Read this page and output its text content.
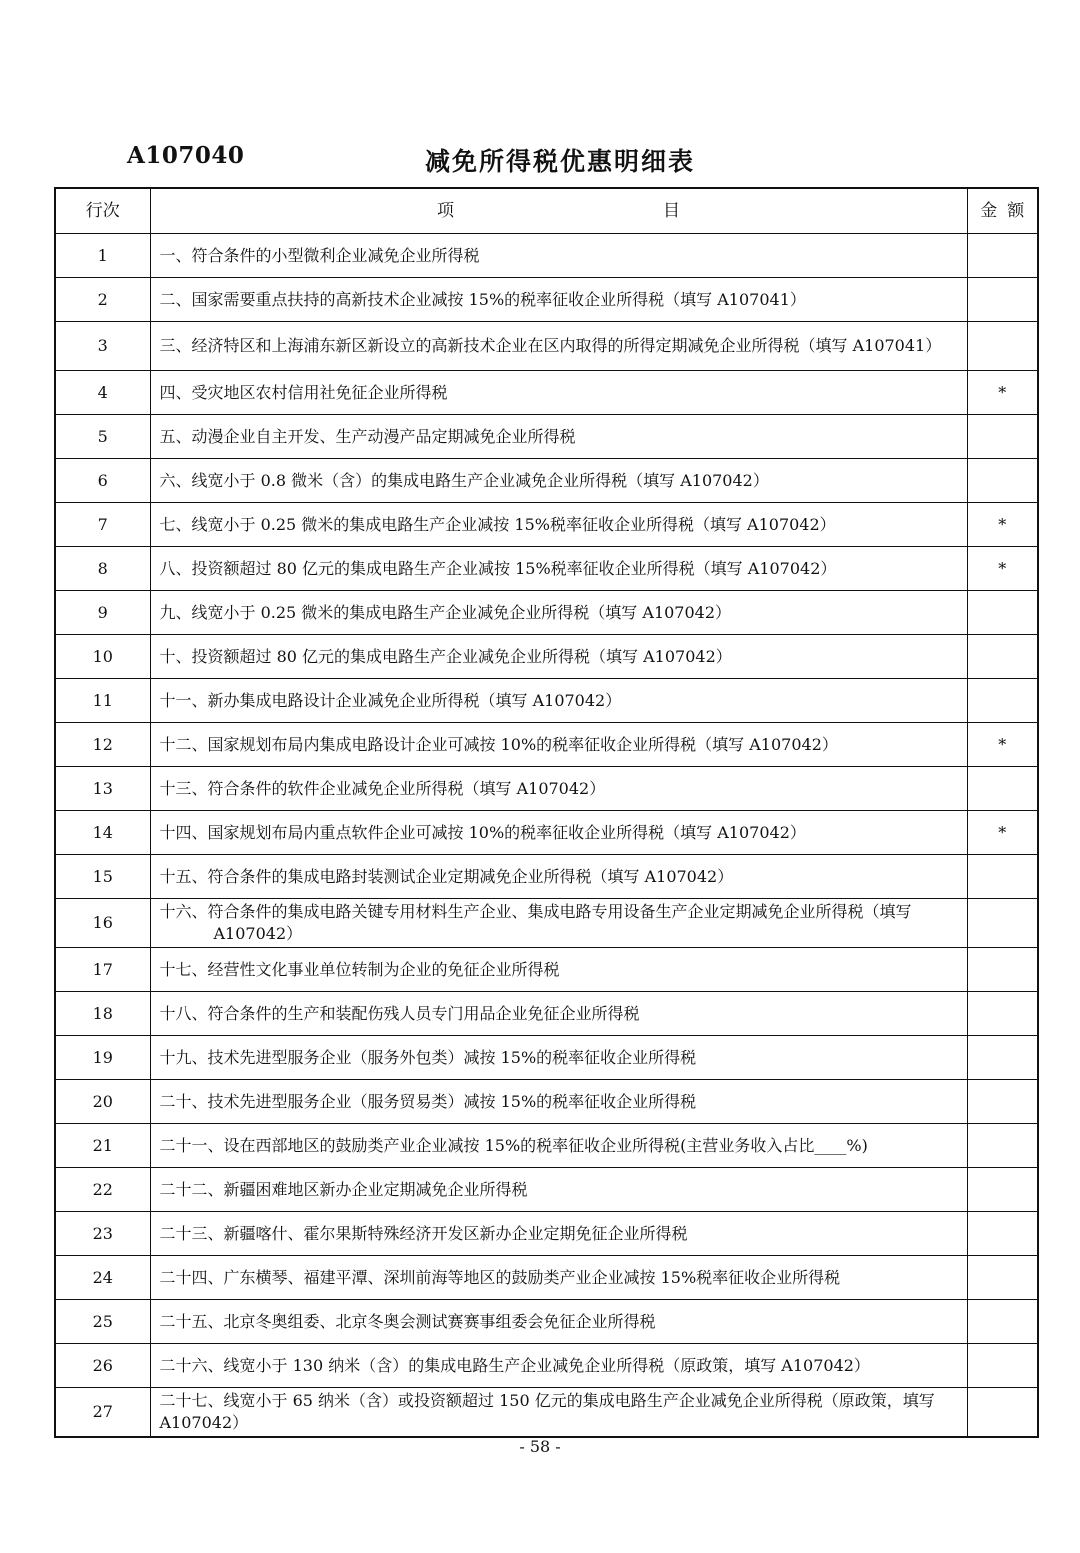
A107040	减免所得税优惠明细表
行次	项　目	金额
1	一、符合条件的小型微利企业减免企业所得税	
2	二、国家需要重点扶持的高新技术企业减按 15%的税率征收企业所得税（填写 A107041）	
3	三、经济特区和上海浦东新区新设立的高新技术企业在区内取得的所得定期减免企业所得税（填写 A107041）	

4	四、受灾地区农村信用社免征企业所得税	*
5	五、动漫企业自主开发、生产动漫产品定期减免企业所得税	
6	六、线宽小于 0.8 微米（含）的集成电路生产企业减免企业所得税（填写 A107042）	
7	七、线宽小于 0.25 微米的集成电路生产企业减按 15%税率征收企业所得税（填写 A107042）	*
8	八、投资额超过 80 亿元的集成电路生产企业减按 15%税率征收企业所得税（填写 A107042）	*
9	九、线宽小于 0.25 微米的集成电路生产企业减免企业所得税（填写 A107042）	
10	十、投资额超过 80 亿元的集成电路生产企业减免企业所得税（填写 A107042）	
11	十一、新办集成电路设计企业减免企业所得税（填写 A107042）	
12	十二、国家规划布局内集成电路设计企业可减按 10%的税率征收企业所得税（填写 A107042）	*
13	十三、符合条件的软件企业减免企业所得税（填写 A107042）	
14	十四、国家规划布局内重点软件企业可减按 10%的税率征收企业所得税（填写 A107042）	*
15	十五、符合条件的集成电路封装测试企业定期减免企业所得税（填写 A107042）	
16	十六、符合条件的集成电路关键专用材料生产企业、集成电路专用设备生产企业定期减免企业所得税（填写 A107042）	

17	十七、经营性文化事业单位转制为企业的免征企业所得税	
18	十八、符合条件的生产和装配伤残人员专门用品企业免征企业所得税	
19	十九、技术先进型服务企业（服务外包类）减按 15%的税率征收企业所得税	
20	二十、技术先进型服务企业（服务贸易类）减按 15%的税率征收企业所得税	
21	二十一、设在西部地区的鼓励类产业企业减按 15%的税率征收企业所得税(主营业务收入占比____%)	
22	二十二、新疆困难地区新办企业定期减免企业所得税	
23	二十三、新疆喀什、霍尔果斯特殊经济开发区新办企业定期免征企业所得税	
24	二十四、广东横琴、福建平潭、深圳前海等地区的鼓励类产业企业减按 15%税率征收企业所得税	
25	二十五、北京冬奥组委、北京冬奥会测试赛赛事组委会免征企业所得税	
26	二十六、线宽小于 130 纳米（含）的集成电路生产企业减免企业所得税（原政策，填写 A107042）	
27	二十七、线宽小于 65 纳米（含）或投资额超过 150 亿元的集成电路生产企业减免企业所得税（原政策，填写 A107042）	
- 58 -
